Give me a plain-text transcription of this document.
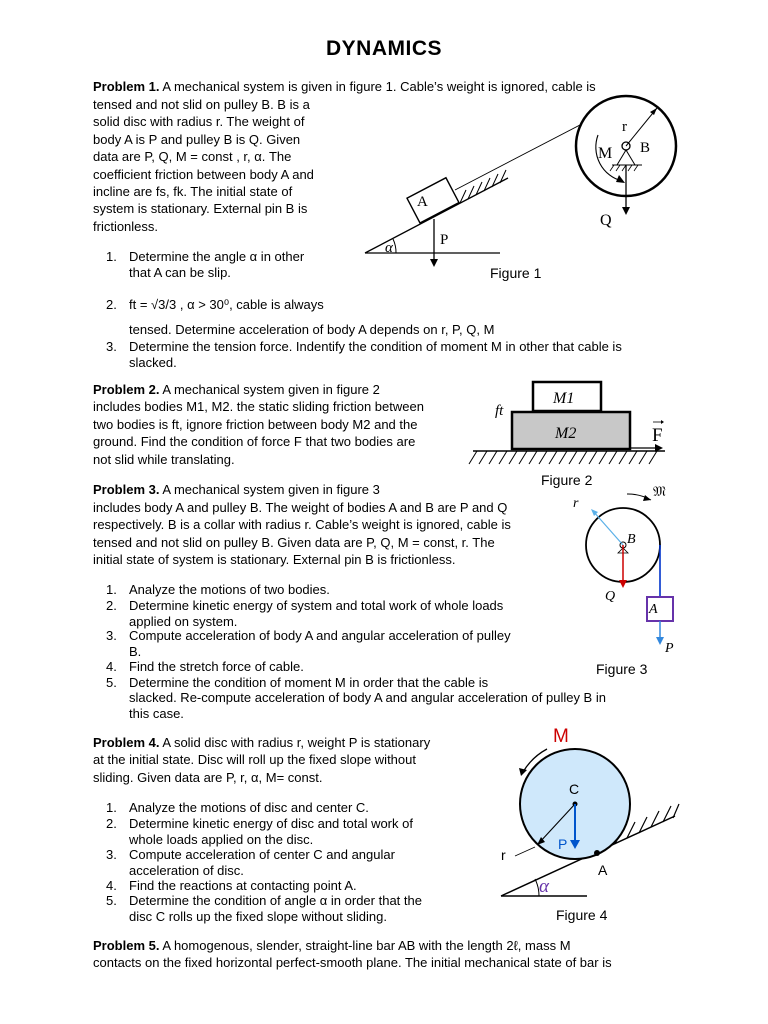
DYNAMICS
Problem 1. A mechanical system is given in figure 1. Cable’s weight is ignored, cable is
tensed and not slid on pulley B. B is a
solid disc with radius r. The weight of
body A is P and pulley B is Q. Given
data are P, Q, M = const , r, α. The
coefficient friction between body A and
incline are fs, fk. The initial state of
system is stationary. External pin B is
frictionless.
1. Determine the angle α in other
that A can be slip.
2. ft = √3/3 , α > 30⁰, cable is always
tensed. Determine acceleration of body A depends on r, P, Q, M
3. Determine the tension force. Indentify the condition of moment M in other that cable is
slacked.
A
P
α
M B
r
Q
Figure 1
Problem 2. A mechanical system given in figure 2
includes bodies M1, M2. the static sliding friction between
two bodies is ft, ignore friction between body M2 and the
ground. Find the condition of force F that two bodies are
not slid while translating.
M1
M2
ft
F
Figure 2
Problem 3. A mechanical system given in figure 3
includes body A and pulley B. The weight of bodies A and B are P and Q
respectively. B is a collar with radius r. Cable’s weight is ignored, cable is
tensed and not slid on pulley B. Given data are P, Q, M = const, r. The
initial state of system is stationary. External pin B is frictionless.
1. Analyze the motions of two bodies.
2. Determine kinetic energy of system and total work of whole loads
applied on system.
3. Compute acceleration of body A and angular acceleration of pulley
B.
4. Find the stretch force of cable.
5. Determine the condition of moment M in order that the cable is
slacked. Re-compute acceleration of body A and angular acceleration of pulley B in
this case.
r
B
Q
A
P
𝔐
Figure 3
Problem 4. A solid disc with radius r, weight P is stationary
at the initial state. Disc will roll up the fixed slope without
sliding. Given data are P, r, α, M= const.
1. Analyze the motions of disc and center C.
2. Determine kinetic energy of disc and total work of
whole loads applied on the disc.
3. Compute acceleration of center C and angular
acceleration of disc.
4. Find the reactions at contacting point A.
5. Determine the condition of angle α in order that the
disc C rolls up the fixed slope without sliding.
M
C
P
r
A
α
Figure 4
Problem 5. A homogenous, slender, straight-line bar AB with the length 2ℓ, mass M
contacts on the fixed horizontal perfect-smooth plane. The initial mechanical state of bar is
